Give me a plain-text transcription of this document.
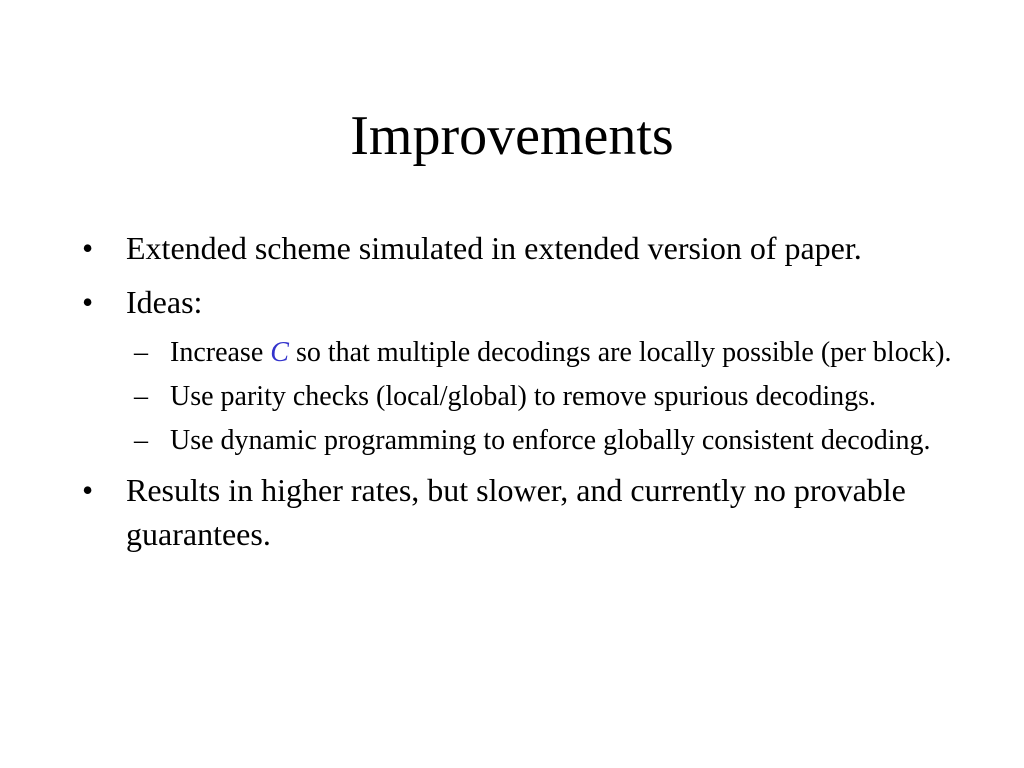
Improvements
•	Extended scheme simulated in extended version of paper.
•	Ideas:
– Increase C so that multiple decodings are locally possible (per block).
– Use parity checks (local/global) to remove spurious decodings.
– Use dynamic programming to enforce globally consistent decoding.
•	Results in higher rates, but slower, and currently no provable guarantees.
